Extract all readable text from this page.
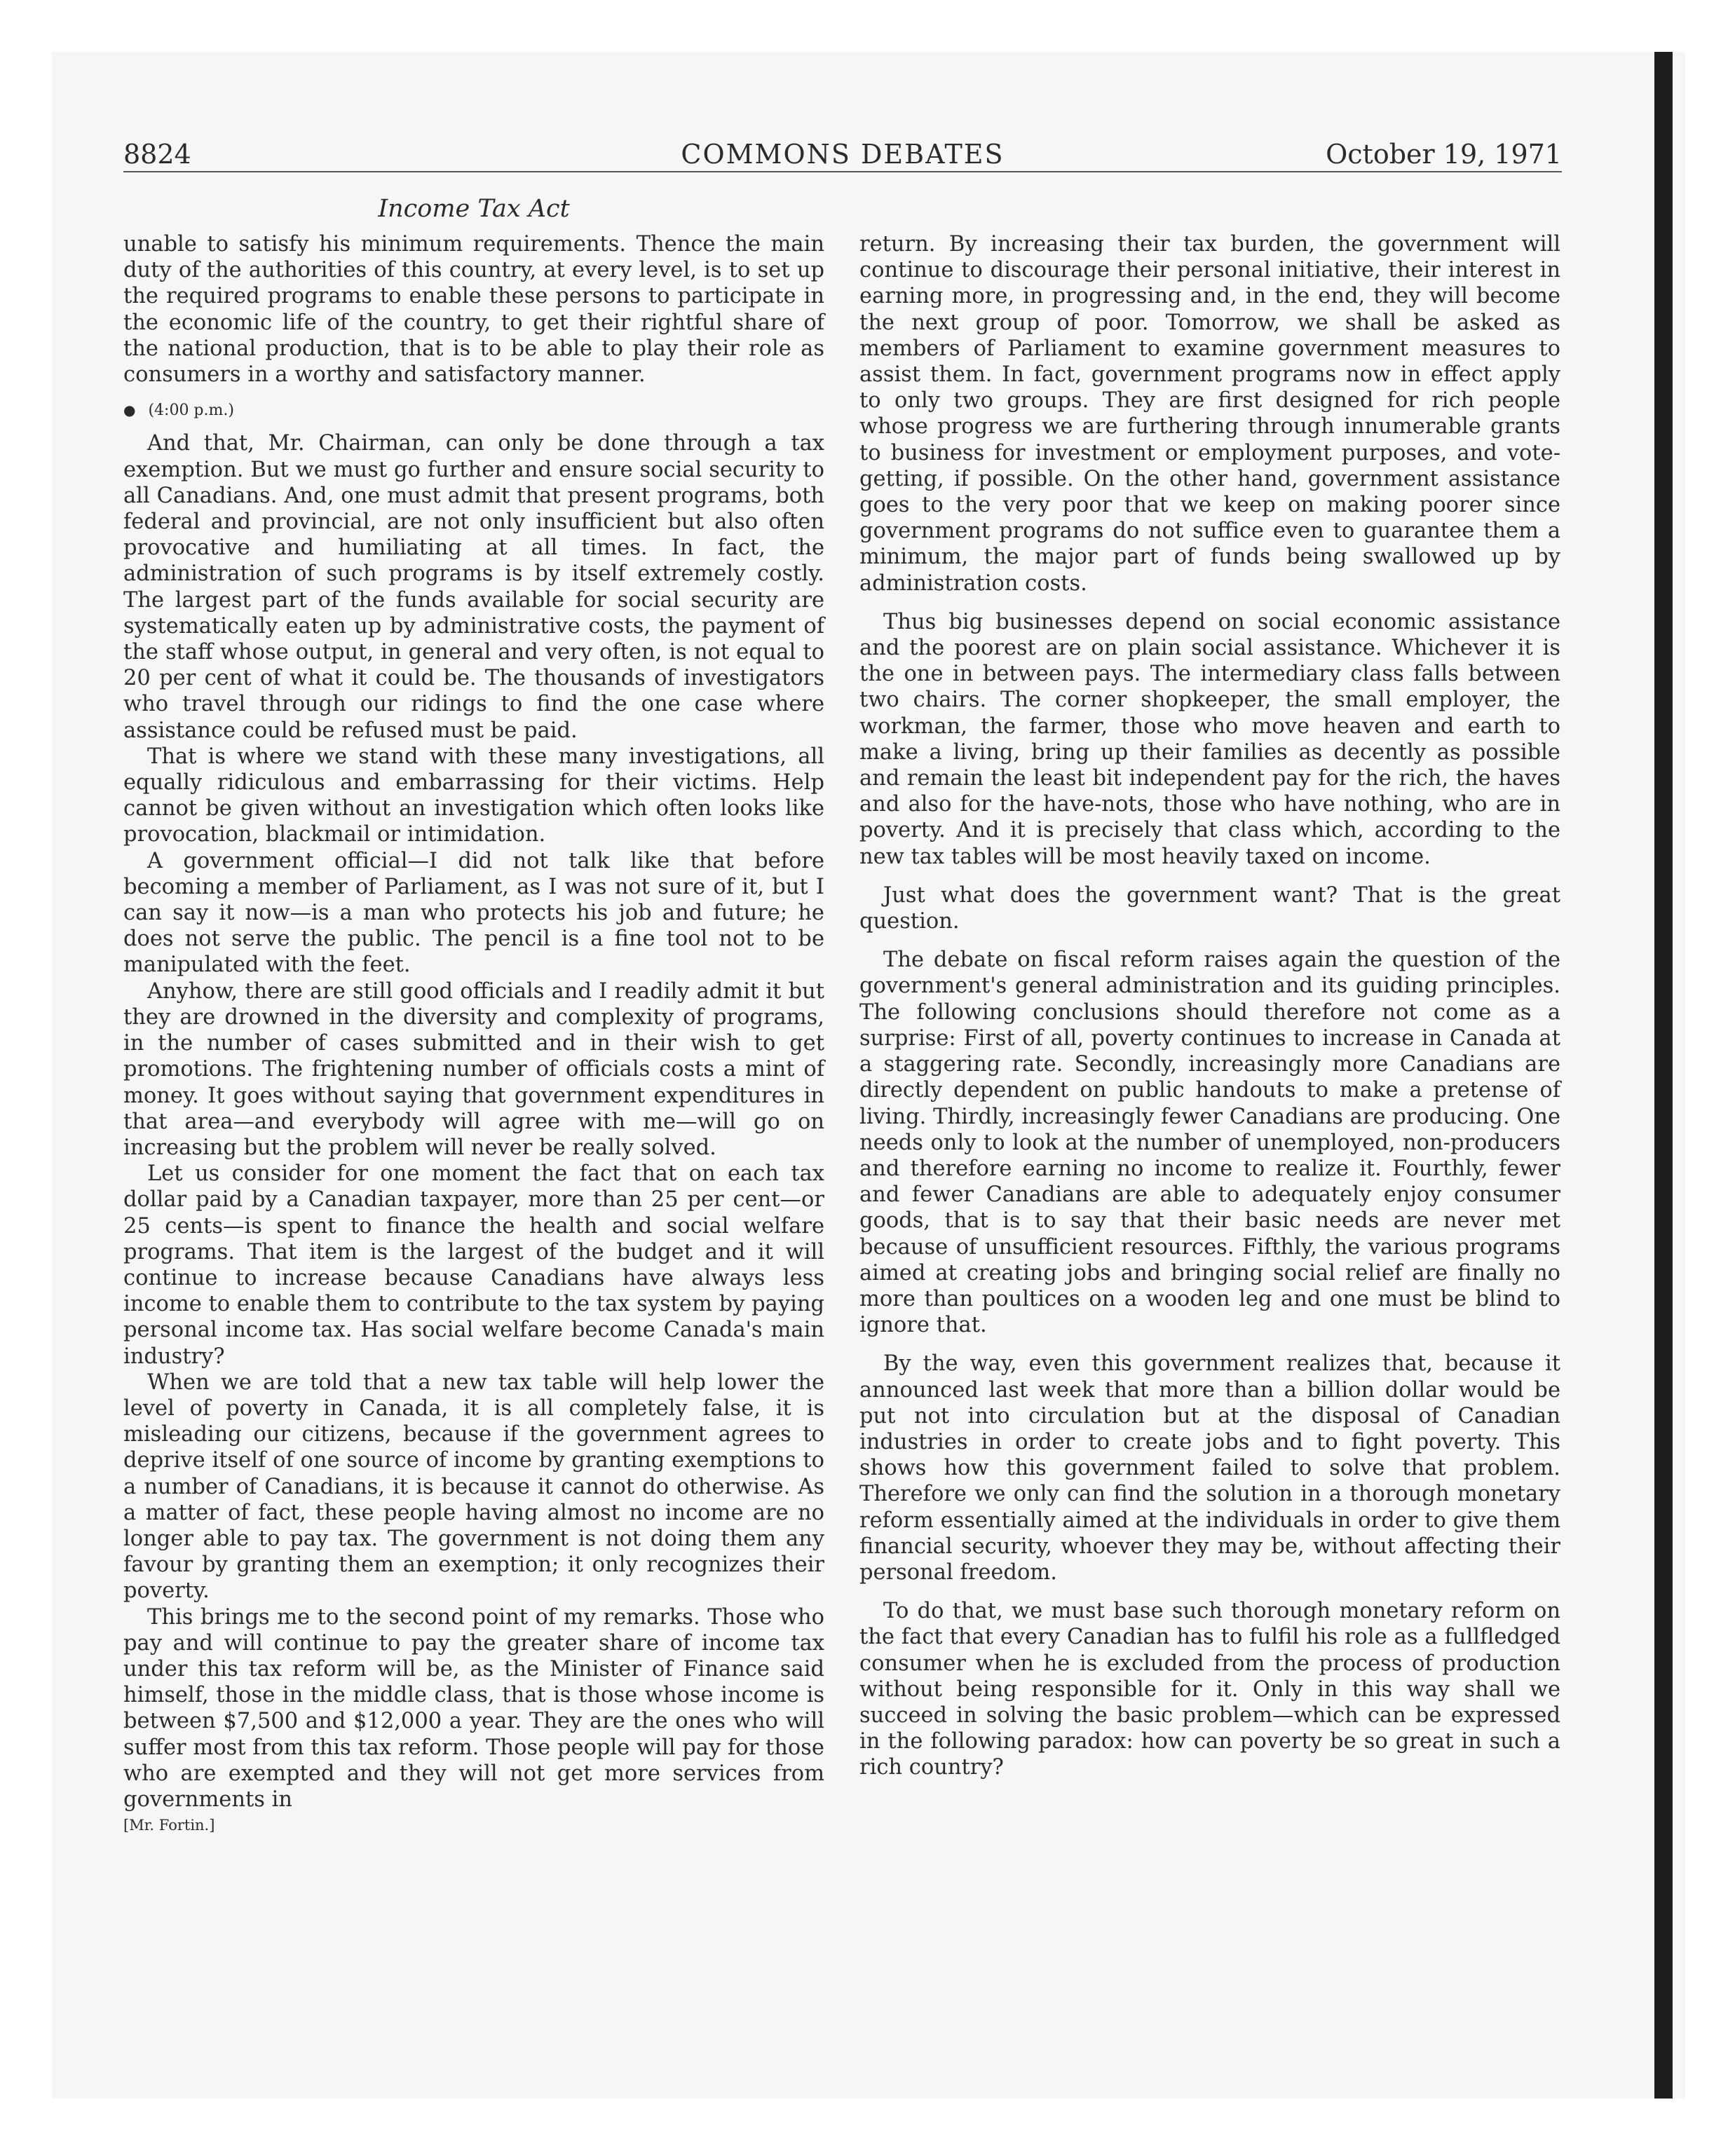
8824	COMMONS DEBATES	October 19, 1971
Income Tax Act

unable to satisfy his minimum requirements. Thence the main duty of the authorities of this country, at every level, is to set up the required programs to enable these persons to participate in the economic life of the country, to get their rightful share of the national production, that is to be able to play their role as consumers in a worthy and satisfactory manner.

● (4:00 p.m.)

And that, Mr. Chairman, can only be done through a tax exemption. But we must go further and ensure social security to all Canadians. And, one must admit that present programs, both federal and provincial, are not only insufficient but also often provocative and humiliating at all times. In fact, the administration of such programs is by itself extremely costly. The largest part of the funds available for social security are systematically eaten up by administrative costs, the payment of the staff whose output, in general and very often, is not equal to 20 per cent of what it could be. The thousands of investigators who travel through our ridings to find the one case where assistance could be refused must be paid.

That is where we stand with these many investigations, all equally ridiculous and embarrassing for their victims. Help cannot be given without an investigation which often looks like provocation, blackmail or intimidation.

A government official—I did not talk like that before becoming a member of Parliament, as I was not sure of it, but I can say it now—is a man who protects his job and future; he does not serve the public. The pencil is a fine tool not to be manipulated with the feet.

Anyhow, there are still good officials and I readily admit it but they are drowned in the diversity and complexity of programs, in the number of cases submitted and in their wish to get promotions. The frightening number of officials costs a mint of money. It goes without saying that government expenditures in that area—and everybody will agree with me—will go on increasing but the problem will never be really solved.

Let us consider for one moment the fact that on each tax dollar paid by a Canadian taxpayer, more than 25 per cent—or 25 cents—is spent to finance the health and social welfare programs. That item is the largest of the budget and it will continue to increase because Canadians have always less income to enable them to contribute to the tax system by paying personal income tax. Has social welfare become Canada's main industry?

When we are told that a new tax table will help lower the level of poverty in Canada, it is all completely false, it is misleading our citizens, because if the government agrees to deprive itself of one source of income by granting exemptions to a number of Canadians, it is because it cannot do otherwise. As a matter of fact, these people having almost no income are no longer able to pay tax. The government is not doing them any favour by granting them an exemption; it only recognizes their poverty.

This brings me to the second point of my remarks. Those who pay and will continue to pay the greater share of income tax under this tax reform will be, as the Minister of Finance said himself, those in the middle class, that is those whose income is between $7,500 and $12,000 a year. They are the ones who will suffer most from this tax reform. Those people will pay for those who are exempted and they will not get more services from governments in

[Mr. Fortin.]

return. By increasing their tax burden, the government will continue to discourage their personal initiative, their interest in earning more, in progressing and, in the end, they will become the next group of poor. Tomorrow, we shall be asked as members of Parliament to examine government measures to assist them. In fact, government programs now in effect apply to only two groups. They are first designed for rich people whose progress we are furthering through innumerable grants to business for investment or employment purposes, and vote-getting, if possible. On the other hand, government assistance goes to the very poor that we keep on making poorer since government programs do not suffice even to guarantee them a minimum, the major part of funds being swallowed up by administration costs.

Thus big businesses depend on social economic assistance and the poorest are on plain social assistance. Whichever it is the one in between pays. The intermediary class falls between two chairs. The corner shopkeeper, the small employer, the workman, the farmer, those who move heaven and earth to make a living, bring up their families as decently as possible and remain the least bit independent pay for the rich, the haves and also for the have-nots, those who have nothing, who are in poverty. And it is precisely that class which, according to the new tax tables will be most heavily taxed on income.

Just what does the government want? That is the great question.

The debate on fiscal reform raises again the question of the government's general administration and its guiding principles. The following conclusions should therefore not come as a surprise: First of all, poverty continues to increase in Canada at a staggering rate. Secondly, increasingly more Canadians are directly dependent on public handouts to make a pretense of living. Thirdly, increasingly fewer Canadians are producing. One needs only to look at the number of unemployed, non-producers and therefore earning no income to realize it. Fourthly, fewer and fewer Canadians are able to adequately enjoy consumer goods, that is to say that their basic needs are never met because of unsufficient resources. Fifthly, the various programs aimed at creating jobs and bringing social relief are finally no more than poultices on a wooden leg and one must be blind to ignore that.

By the way, even this government realizes that, because it announced last week that more than a billion dollar would be put not into circulation but at the disposal of Canadian industries in order to create jobs and to fight poverty. This shows how this government failed to solve that problem. Therefore we only can find the solution in a thorough monetary reform essentially aimed at the individuals in order to give them financial security, whoever they may be, without affecting their personal freedom.

To do that, we must base such thorough monetary reform on the fact that every Canadian has to fulfil his role as a fullfledged consumer when he is excluded from the process of production without being responsible for it. Only in this way shall we succeed in solving the basic problem—which can be expressed in the following paradox: how can poverty be so great in such a rich country?
